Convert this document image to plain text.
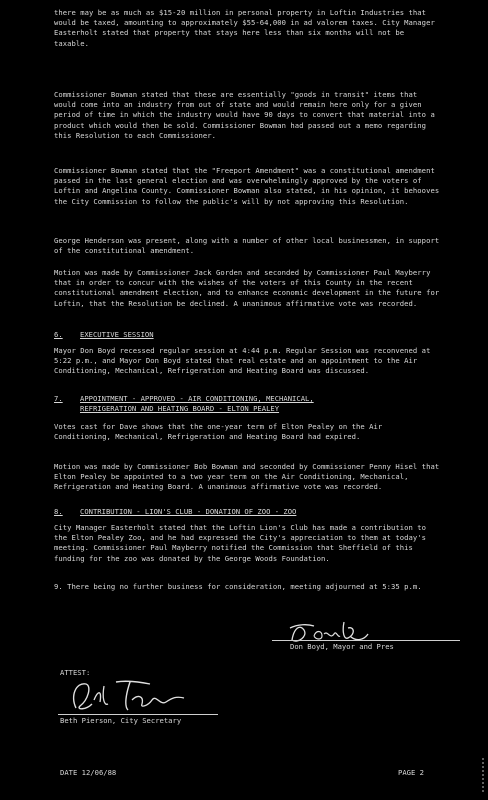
there may be as much as $15-20 million in personal property in Loftin Industries that would be taxed, amounting to approximately $55-64,000 in ad valorem taxes. City Manager Easterholt stated that property that stays here less than six months will not be taxable.

Commissioner Bowman stated that these are essentially "goods in transit" items that would come into an industry from out of state and would remain here only for a given period of time in which the industry would have 90 days to convert that material into a product which would then be sold. Commissioner Bowman had passed out a memo regarding this Resolution to each Commissioner.

Commissioner Bowman stated that the "Freeport Amendment" was a constitutional amendment passed in the last general election and was overwhelmingly approved by the voters of Loftin and Angelina County. Commissioner Bowman also stated, in his opinion, it behooves the City Commission to follow the public's will by not approving this Resolution.

George Henderson was present, along with a number of other local businessmen, in support of the constitutional amendment.

Motion was made by Commissioner Jack Gorden and seconded by Commissioner Paul Mayberry that in order to concur with the wishes of the voters of this County in the recent constitutional amendment election, and to enhance economic development in the future for Loftin, that the Resolution be declined. A unanimous affirmative vote was recorded.

6. EXECUTIVE SESSION

Mayor Don Boyd recessed regular session at 4:44 p.m. Regular Session was reconvened at 5:22 p.m., and Mayor Don Boyd stated that real estate and an appointment to the Air Conditioning, Mechanical, Refrigeration and Heating Board was discussed.

7. APPOINTMENT - APPROVED - AIR CONDITIONING, MECHANICAL,
REFRIGERATION AND HEATING BOARD - ELTON PEALEY

Votes cast for Dave shows that the one-year term of Elton Pealey on the Air Conditioning, Mechanical, Refrigeration and Heating Board had expired.

Motion was made by Commissioner Bob Bowman and seconded by Commissioner Penny Hisel that Elton Pealey be appointed to a two year term on the Air Conditioning, Mechanical, Refrigeration and Heating Board. A unanimous affirmative vote was recorded.

8. CONTRIBUTION - LION'S CLUB - DONATION OF ZOO - ZOO

City Manager Easterholt stated that the Loftin Lion's Club has made a contribution to the Elton Pealey Zoo, and he had expressed the City's appreciation to them at today's meeting. Commissioner Paul Mayberry notified the Commission that Sheffield of this funding for the zoo was donated by the George Woods Foundation.

9. There being no further business for consideration, meeting adjourned at 5:35 p.m.

Don Boyd, Mayor and Pres
ATTEST:
Beth Pierson, City Secretary
DATE 12/06/88	PAGE 2
